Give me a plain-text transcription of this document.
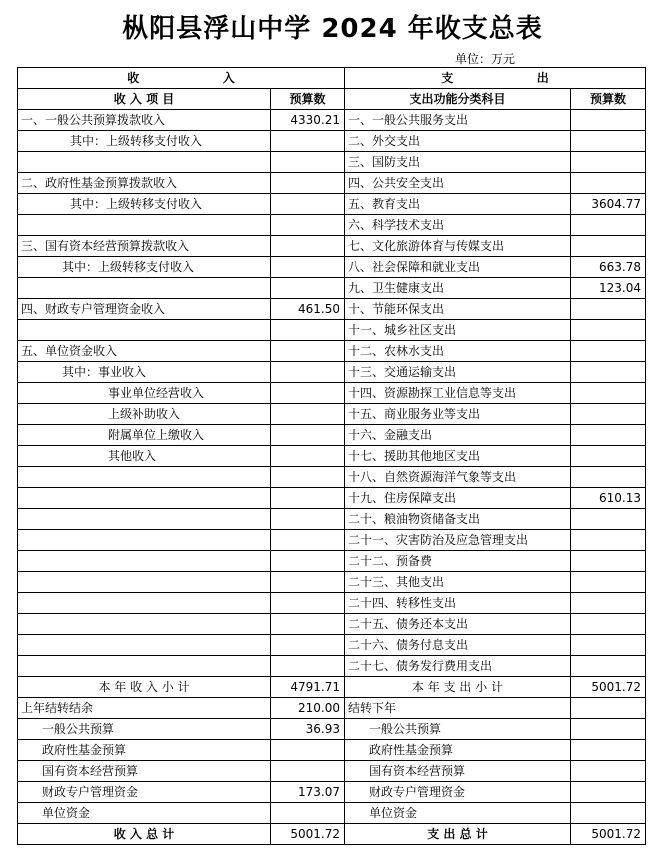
枞阳县浮山中学 2024 年收支总表
单位：万元
收                    入		支                    出	
收 入 项 目	预算数	支出功能分类科目	预算数
一、一般公共预算拨款收入	4330.21	一、一般公共服务支出	
其中：上级转移支付收入		二、外交支出	
		三、国防支出	
二、政府性基金预算拨款收入		四、公共安全支出	
其中：上级转移支付收入		五、教育支出	3604.77
		六、科学技术支出	
三、国有资本经营预算拨款收入		七、文化旅游体育与传媒支出	
其中：上级转移支付收入		八、社会保障和就业支出	663.78
		九、卫生健康支出	123.04
四、财政专户管理资金收入	461.50	十、节能环保支出	
		十一、城乡社区支出	
五、单位资金收入		十二、农林水支出	
其中：事业收入		十三、交通运输支出	
事业单位经营收入		十四、资源勘探工业信息等支出	
上级补助收入		十五、商业服务业等支出	
附属单位上缴收入		十六、金融支出	
其他收入		十七、援助其他地区支出	
		十八、自然资源海洋气象等支出	
		十九、住房保障支出	610.13
		二十、粮油物资储备支出	
		二十一、灾害防治及应急管理支出	
		二十二、预备费	
		二十三、其他支出	
		二十四、转移性支出	
		二十五、债务还本支出	
		二十六、债务付息支出	
		二十七、债务发行费用支出	
本 年 收 入 小 计	4791.71	本 年 支 出 小 计	5001.72
上年结转结余	210.00	结转下年	
一般公共预算	36.93	一般公共预算	
政府性基金预算		政府性基金预算	
国有资本经营预算		国有资本经营预算	
财政专户管理资金	173.07	财政专户管理资金	
单位资金		单位资金	
收 入 总 计	5001.72	支 出 总 计	5001.72
